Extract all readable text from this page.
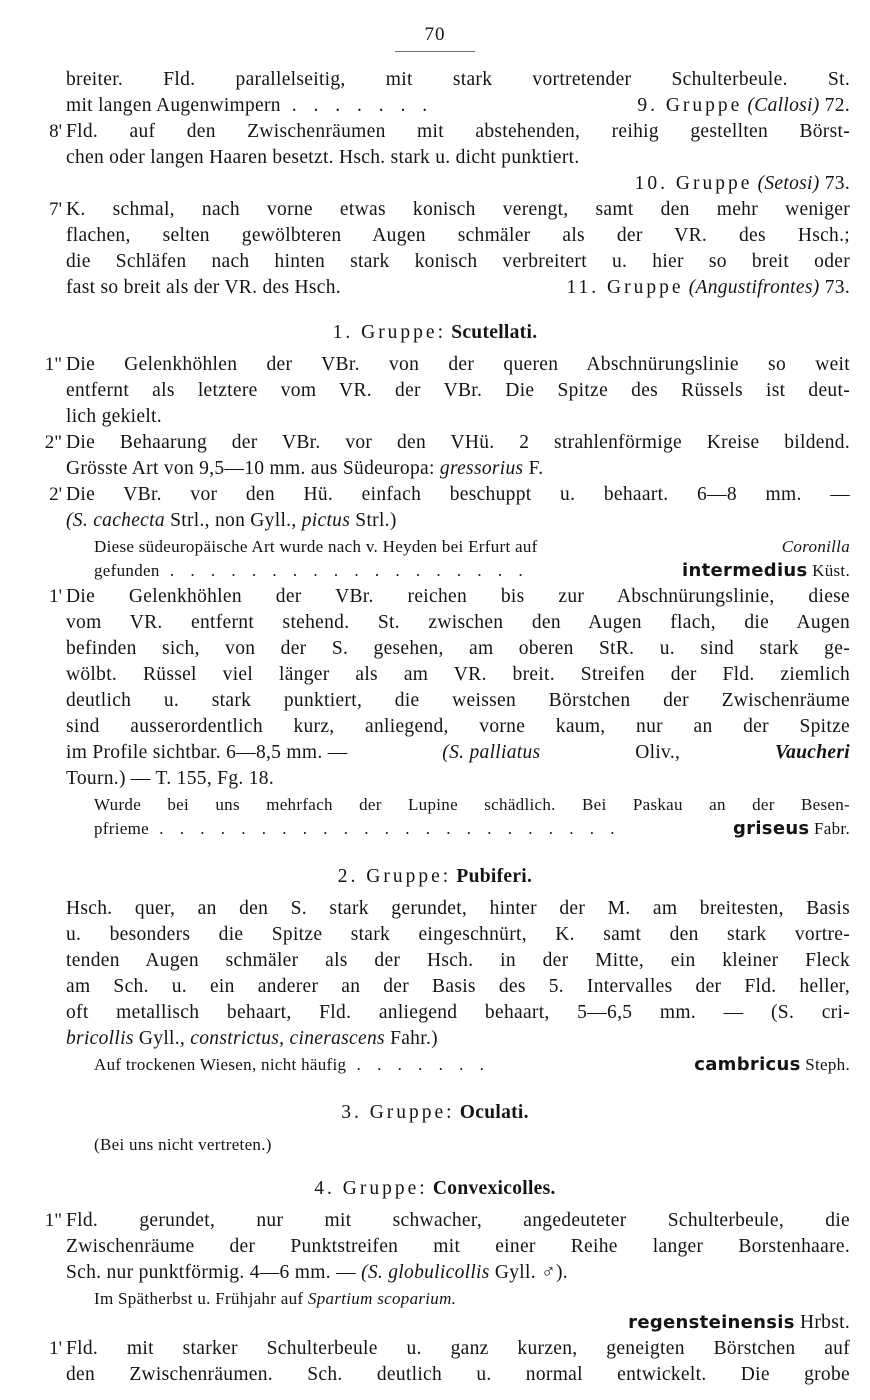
70
breiter. Fld. parallelseitig, mit stark vortretender Schulterbeule. St.
mit langen Augenwimpern . . . . . . .	9. Gruppe (Callosi) 72.
8' Fld. auf den Zwischenräumen mit abstehenden, reihig gestellten Börst-
chen oder langen Haaren besetzt. Hsch. stark u. dicht punktiert.
10. Gruppe (Setosi) 73.
7' K. schmal, nach vorne etwas konisch verengt, samt den mehr weniger
flachen, selten gewölbteren Augen schmäler als der VR. des Hsch.;
die Schläfen nach hinten stark konisch verbreitert u. hier so breit oder
fast so breit als der VR. des Hsch.	11. Gruppe (Angustifrontes) 73.
1. Gruppe: Scutellati.
1" Die Gelenkhöhlen der VBr. von der queren Abschnürungslinie so weit
entfernt als letztere vom VR. der VBr. Die Spitze des Rüssels ist deut-
lich gekielt.
2" Die Behaarung der VBr. vor den VHü. 2 strahlenförmige Kreise bildend.
Grösste Art von 9,5—10 mm. aus Südeuropa: gressorius F.
2' Die VBr. vor den Hü. einfach beschuppt u. behaart. 6—8 mm. —
(S. cachecta Strl., non Gyll., pictus Strl.)
Diese südeuropäische Art wurde nach v. Heyden bei Erfurt auf	Coronilla
gefunden . . . . . . . . . . . . . . . . . .	intermedius Küst.
1' Die Gelenkhöhlen der VBr. reichen bis zur Abschnürungslinie, diese
vom VR. entfernt stehend. St. zwischen den Augen flach, die Augen
befinden sich, von der S. gesehen, am oberen StR. u. sind stark ge-
wölbt. Rüssel viel länger als am VR. breit. Streifen der Fld. ziemlich
deutlich u. stark punktiert, die weissen Börstchen der Zwischenräume
sind ausserordentlich kurz, anliegend, vorne kaum, nur an der Spitze
im Profile sichtbar. 6—8,5 mm. —	(S. palliatus	Oliv.,	Vaucheri
Tourn.) — T. 155, Fg. 18.
Wurde bei uns mehrfach der Lupine schädlich. Bei Paskau an der Besen-
pfrieme . . . . . . . . . . . . . . . . . . . . . . .	griseus Fabr.
2. Gruppe: Pubiferi.
Hsch. quer, an den S. stark gerundet, hinter der M. am breitesten, Basis
u. besonders die Spitze stark eingeschnürt, K. samt den stark vortre-
tenden Augen schmäler als der Hsch. in der Mitte, ein kleiner Fleck
am Sch. u. ein anderer an der Basis des 5. Intervalles der Fld. heller,
oft metallisch behaart, Fld. anliegend behaart, 5—6,5 mm. — (S. cri-
bricollis Gyll., constrictus, cinerascens Fahr.)
Auf trockenen Wiesen, nicht häufig . . . . . . .	cambricus Steph.
3. Gruppe: Oculati.
(Bei uns nicht vertreten.)
4. Gruppe: Convexicolles.
1" Fld. gerundet, nur mit schwacher, angedeuteter Schulterbeule, die
Zwischenräume der Punktstreifen mit einer Reihe langer Borstenhaare.
Sch. nur punktförmig. 4—6 mm. — (S. globulicollis Gyll. ♂).
Im Spätherbst u. Frühjahr auf Spartium scoparium.
regensteinensis Hrbst.
1' Fld. mit starker Schulterbeule u. ganz kurzen, geneigten Börstchen auf
den Zwischenräumen. Sch. deutlich u. normal entwickelt. Die grobe
